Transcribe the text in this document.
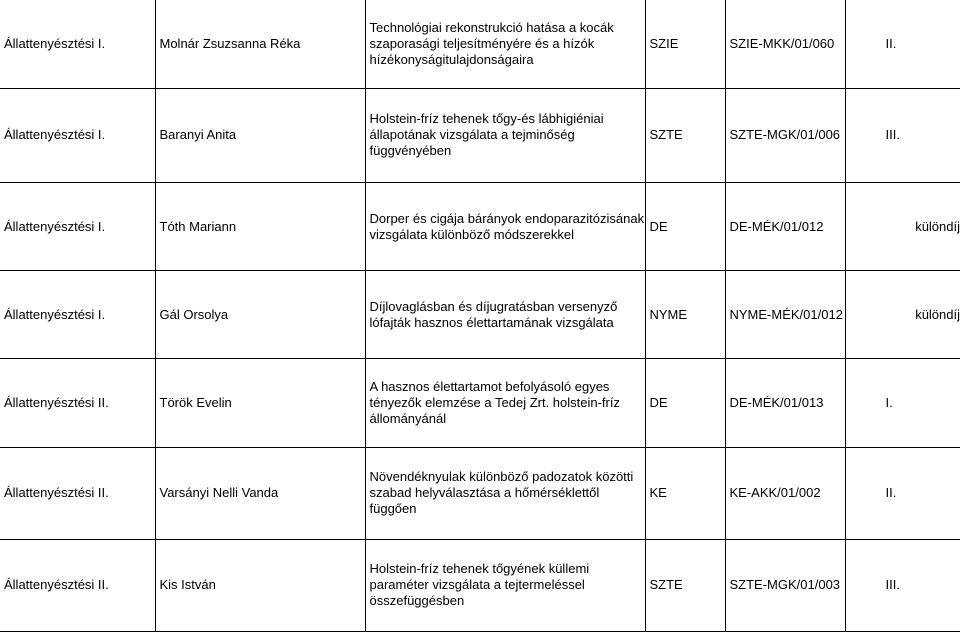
Állattenyésztési I.	Molnár Zsuzsanna Réka	Technológiai rekonstrukció hatása a kocák szaporasági teljesítményére és a hízók hízékonyságitulajdonságaira	SZIE	SZIE-MKK/01/060	II.
Állattenyésztési I.	Baranyi Anita	Holstein-fríz tehenek tőgy-és lábhigiéniai állapotának vizsgálata a tejminőség függvényében	SZTE	SZTE-MGK/01/006	III.
Állattenyésztési I.	Tóth Mariann	Dorper és cigája bárányok endoparazitózisának vizsgálata különböző módszerekkel	DE	DE-MÉK/01/012	különdíj
Állattenyésztési I.	Gál Orsolya	Díjlovaglásban és díjugratásban versenyző lófajták hasznos élettartamának vizsgálata	NYME	NYME-MÉK/01/012	különdíj
Állattenyésztési II.	Török Evelin	A hasznos élettartamot befolyásoló egyes tényezők elemzése a Tedej Zrt. holstein-fríz állományánál	DE	DE-MÉK/01/013	I.
Állattenyésztési II.	Varsányi Nelli Vanda	Növendéknyulak különböző padozatok közötti szabad helyválasztása a hőmérséklettől függően	KE	KE-AKK/01/002	II.
Állattenyésztési II.	Kis István	Holstein-fríz tehenek tőgyének küllemi paraméter vizsgálata a tejtermeléssel összefüggésben	SZTE	SZTE-MGK/01/003	III.
